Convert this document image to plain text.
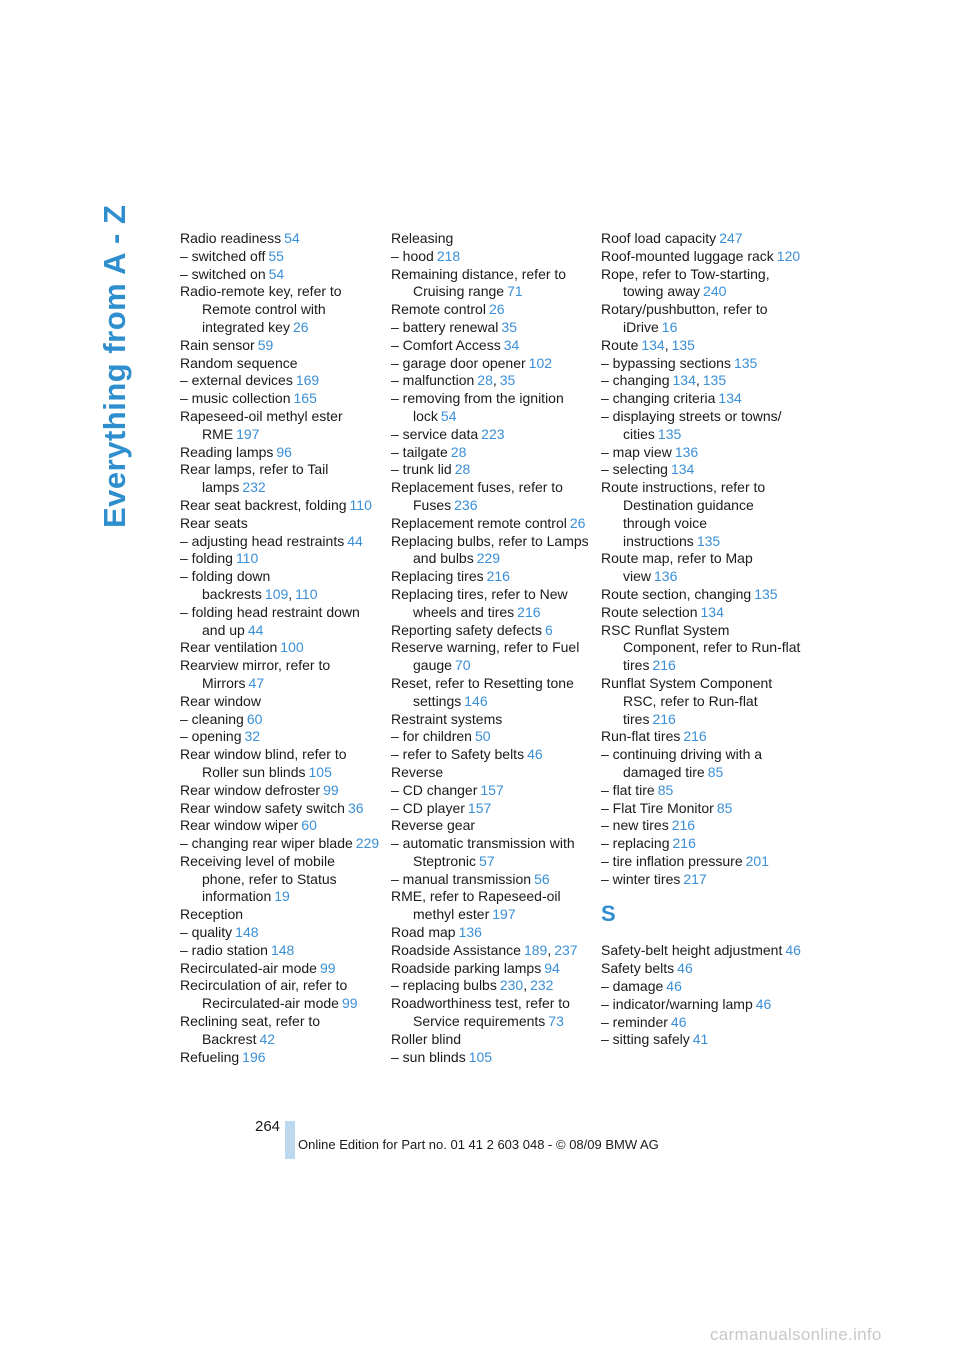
Everything from A - Z	Radio readiness 54
– switched off 55
– switched on 54
Radio-remote key, refer to Remote control with integrated key 26
Rain sensor 59
Random sequence
– external devices 169
– music collection 165
Rapeseed-oil methyl ester RME 197
Reading lamps 96
Rear lamps, refer to Tail lamps 232
Rear seat backrest, folding 110
Rear seats
– adjusting head restraints 44
– folding 110
– folding down backrests 109, 110
– folding head restraint down and up 44
Rear ventilation 100
Rearview mirror, refer to Mirrors 47
Rear window
– cleaning 60
– opening 32
Rear window blind, refer to Roller sun blinds 105
Rear window defroster 99
Rear window safety switch 36
Rear window wiper 60
– changing rear wiper blade 229
Receiving level of mobile phone, refer to Status information 19
Reception
– quality 148
– radio station 148
Recirculated-air mode 99
Recirculation of air, refer to Recirculated-air mode 99
Reclining seat, refer to Backrest 42
Refueling 196
Releasing
– hood 218
Remaining distance, refer to Cruising range 71
Remote control 26
– battery renewal 35
– Comfort Access 34
– garage door opener 102
– malfunction 28, 35
– removing from the ignition lock 54
– service data 223
– tailgate 28
– trunk lid 28
Replacement fuses, refer to Fuses 236
Replacement remote control 26
Replacing bulbs, refer to Lamps and bulbs 229
Replacing tires 216
Replacing tires, refer to New wheels and tires 216
Reporting safety defects 6
Reserve warning, refer to Fuel gauge 70
Reset, refer to Resetting tone settings 146
Restraint systems
– for children 50
– refer to Safety belts 46
Reverse
– CD changer 157
– CD player 157
Reverse gear
– automatic transmission with Steptronic 57
– manual transmission 56
RME, refer to Rapeseed-oil methyl ester 197
Road map 136
Roadside Assistance 189, 237
Roadside parking lamps 94
– replacing bulbs 230, 232
Roadworthiness test, refer to Service requirements 73
Roller blind
– sun blinds 105
Roof load capacity 247
Roof-mounted luggage rack 120
Rope, refer to Tow-starting, towing away 240
Rotary/pushbutton, refer to iDrive 16
Route 134, 135
– bypassing sections 135
– changing 134, 135
– changing criteria 134
– displaying streets or towns/ cities 135
– map view 136
– selecting 134
Route instructions, refer to Destination guidance through voice instructions 135
Route map, refer to Map view 136
Route section, changing 135
Route selection 134
RSC Runflat System Component, refer to Run-flat tires 216
Runflat System Component RSC, refer to Run-flat tires 216
Run-flat tires 216
– continuing driving with a damaged tire 85
– flat tire 85
– Flat Tire Monitor 85
– new tires 216
– replacing 216
– tire inflation pressure 201
– winter tires 217
S
Safety-belt height adjustment 46
Safety belts 46
– damage 46
– indicator/warning lamp 46
– reminder 46
– sitting safely 41
264
Online Edition for Part no. 01 41 2 603 048 - © 08/09 BMW AG
carmanualsonline.info
